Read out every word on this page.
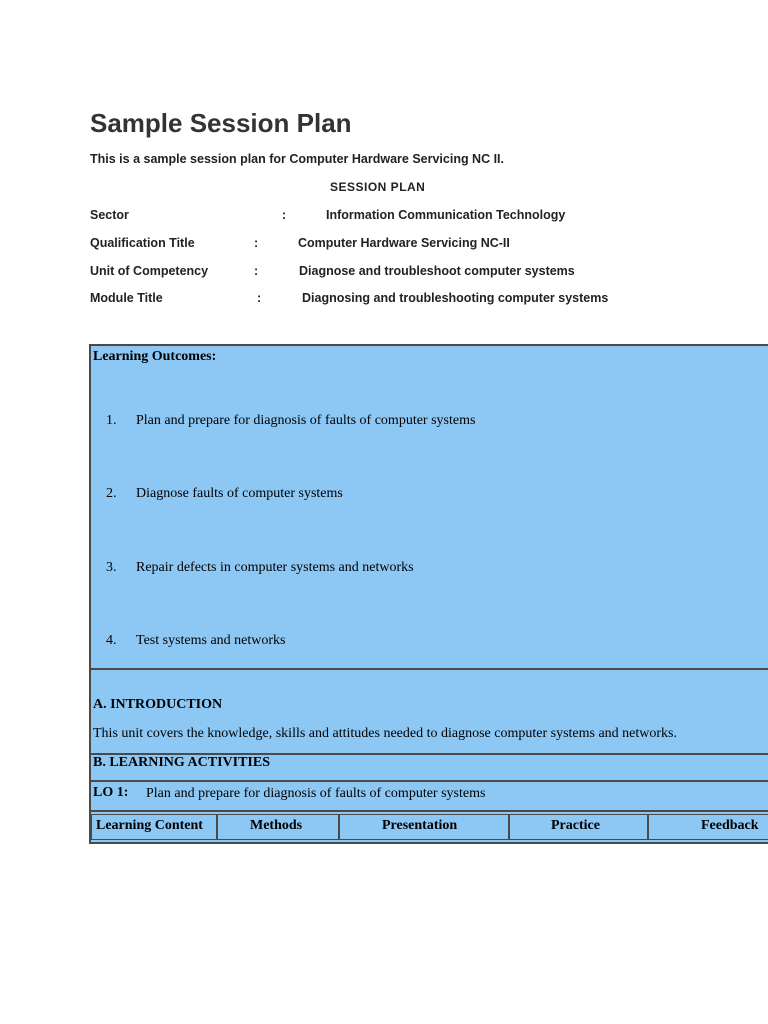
Sample Session Plan
This is a sample session plan for Computer Hardware Servicing NC II.
SESSION PLAN
Sector	:	Information Communication Technology
Qualification Title	:	Computer Hardware Servicing NC-II
Unit of Competency	:	Diagnose and troubleshoot computer systems
Module Title	:	Diagnosing and troubleshooting computer systems
Learning Outcomes:
1. Plan and prepare for diagnosis of faults of computer systems
2. Diagnose faults of computer systems
3. Repair defects in computer systems and networks
4. Test systems and networks
A. INTRODUCTION
This unit covers the knowledge, skills and attitudes needed to diagnose computer systems and networks.
B. LEARNING ACTIVITIES
LO 1: Plan and prepare for diagnosis of faults of computer systems
Learning Content	Methods	Presentation	Practice	Feedback
